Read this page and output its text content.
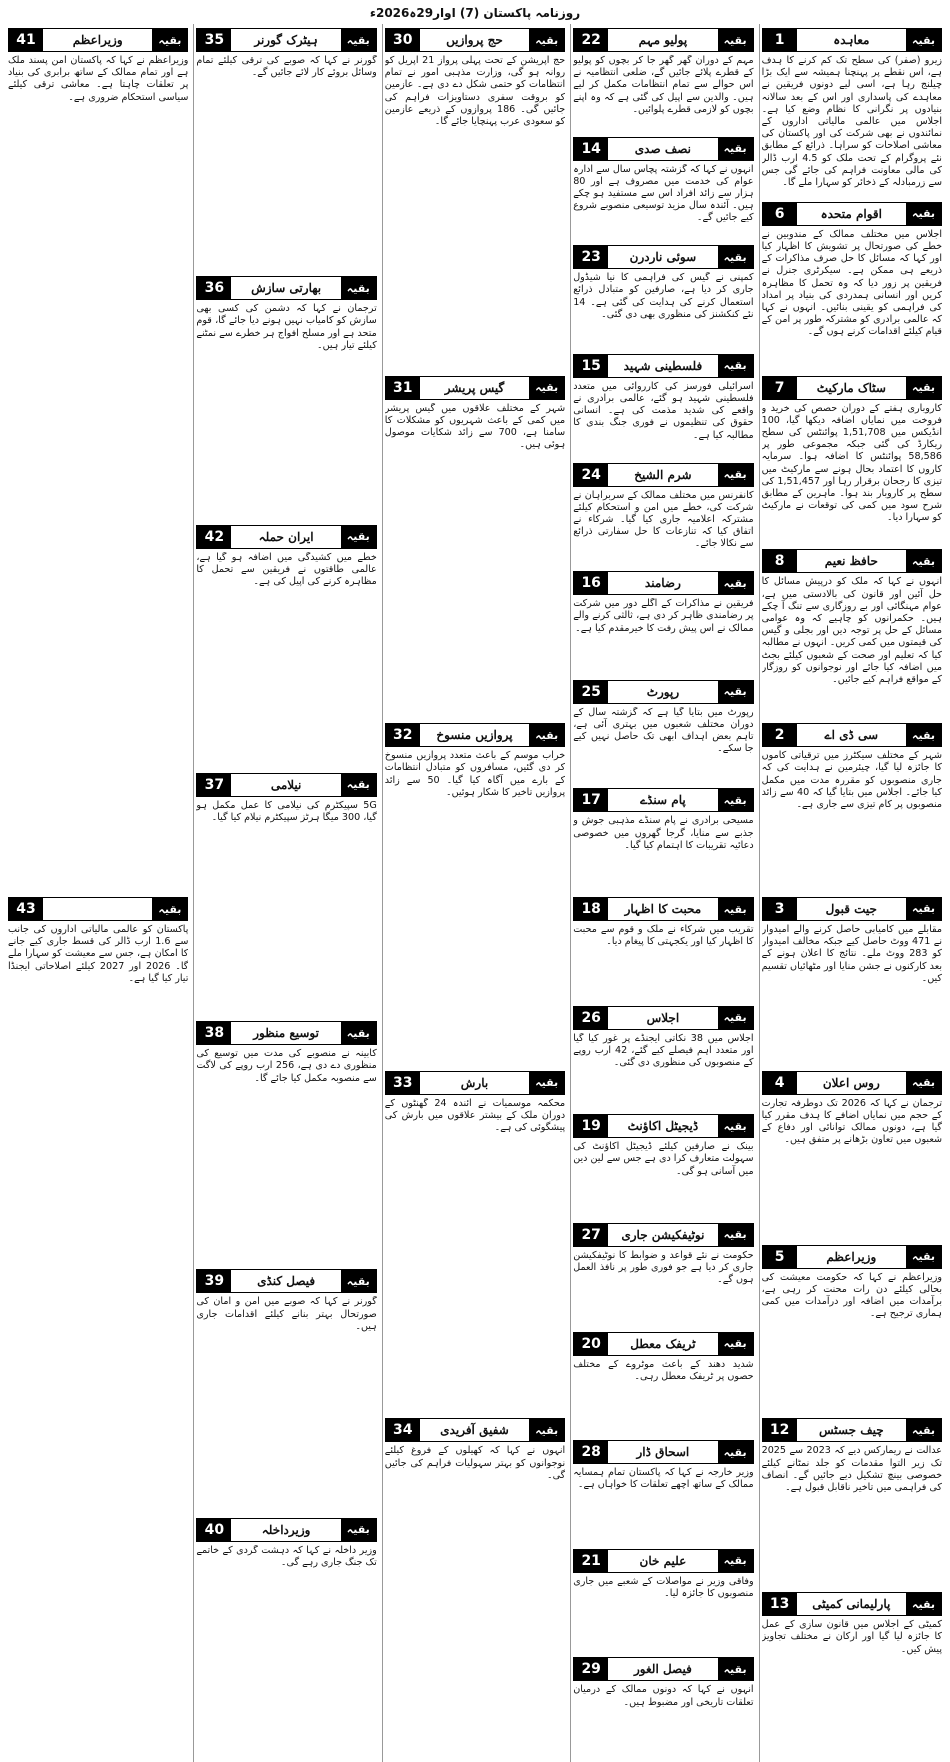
روزنامہ پاکستان (7) اوار29ہ2026ء
بقیہ
معاہدہ
1
زیرو (صفر) کی سطح تک کم کرنے کا ہدف ہے، اس نقطے پر پہنچنا ہمیشہ سے ایک بڑا چیلنج رہا ہے، اسی لیے دونوں فریقین نے معاہدے کی پاسداری اور اس کے بعد سالانہ بنیادوں پر نگرانی کا نظام وضع کیا ہے۔ اجلاس میں عالمی مالیاتی اداروں کے نمائندوں نے بھی شرکت کی اور پاکستان کی معاشی اصلاحات کو سراہا۔ ذرائع کے مطابق نئے پروگرام کے تحت ملک کو 4.5 ارب ڈالر کی مالی معاونت فراہم کی جائے گی جس سے زرمبادلہ کے ذخائر کو سہارا ملے گا۔
بقیہ
اقوام متحدہ
6
اجلاس میں مختلف ممالک کے مندوبین نے خطے کی صورتحال پر تشویش کا اظہار کیا اور کہا کہ مسائل کا حل صرف مذاکرات کے ذریعے ہی ممکن ہے۔ سیکرٹری جنرل نے فریقین پر زور دیا کہ وہ تحمل کا مظاہرہ کریں اور انسانی ہمدردی کی بنیاد پر امداد کی فراہمی کو یقینی بنائیں۔ انہوں نے کہا کہ عالمی برادری کو مشترکہ طور پر امن کے قیام کیلئے اقدامات کرنے ہوں گے۔
بقیہ
سٹاک مارکیٹ
7
کاروباری ہفتے کے دوران حصص کی خرید و فروخت میں نمایاں اضافہ دیکھا گیا، 100 انڈیکس میں 1,51,708 پوائنٹس کی سطح ریکارڈ کی گئی جبکہ مجموعی طور پر 58,586 پوائنٹس کا اضافہ ہوا۔ سرمایہ کاروں کا اعتماد بحال ہونے سے مارکیٹ میں تیزی کا رجحان برقرار رہا اور 1,51,457 کی سطح پر کاروبار بند ہوا۔ ماہرین کے مطابق شرح سود میں کمی کی توقعات نے مارکیٹ کو سہارا دیا۔
بقیہ
حافظ نعیم
8
انہوں نے کہا کہ ملک کو درپیش مسائل کا حل آئین اور قانون کی بالادستی میں ہے، عوام مہنگائی اور بے روزگاری سے تنگ آ چکے ہیں۔ حکمرانوں کو چاہیے کہ وہ عوامی مسائل کے حل پر توجہ دیں اور بجلی و گیس کی قیمتوں میں کمی کریں۔ انہوں نے مطالبہ کیا کہ تعلیم اور صحت کے شعبوں کیلئے بجٹ میں اضافہ کیا جائے اور نوجوانوں کو روزگار کے مواقع فراہم کیے جائیں۔
بقیہ
سی ڈی اے
2
شہر کے مختلف سیکٹرز میں ترقیاتی کاموں کا جائزہ لیا گیا، چیئرمین نے ہدایت کی کہ جاری منصوبوں کو مقررہ مدت میں مکمل کیا جائے۔ اجلاس میں بتایا گیا کہ 40 سے زائد منصوبوں پر کام تیزی سے جاری ہے۔
بقیہ
جیت قبول
3
مقابلے میں کامیابی حاصل کرنے والے امیدوار نے 471 ووٹ حاصل کیے جبکہ مخالف امیدوار کو 283 ووٹ ملے۔ نتائج کا اعلان ہونے کے بعد کارکنوں نے جشن منایا اور مٹھائیاں تقسیم کیں۔
بقیہ
روس اعلان
4
ترجمان نے کہا کہ 2026 تک دوطرفہ تجارت کے حجم میں نمایاں اضافے کا ہدف مقرر کیا گیا ہے، دونوں ممالک توانائی اور دفاع کے شعبوں میں تعاون بڑھانے پر متفق ہیں۔
بقیہ
وزیراعظم
5
وزیراعظم نے کہا کہ حکومت معیشت کی بحالی کیلئے دن رات محنت کر رہی ہے، برآمدات میں اضافہ اور درآمدات میں کمی ہماری ترجیح ہے۔
بقیہ
چیف جسٹس
12
عدالت نے ریمارکس دیے کہ 2023 سے 2025 تک زیر التوا مقدمات کو جلد نمٹانے کیلئے خصوصی بینچ تشکیل دیے جائیں گے۔ انصاف کی فراہمی میں تاخیر ناقابل قبول ہے۔
بقیہ
پارلیمانی کمیٹی
13
کمیٹی کے اجلاس میں قانون سازی کے عمل کا جائزہ لیا گیا اور ارکان نے مختلف تجاویز پیش کیں۔
بقیہ
پولیو مہم
22
مہم کے دوران گھر گھر جا کر بچوں کو پولیو کے قطرے پلائے جائیں گے، ضلعی انتظامیہ نے اس حوالے سے تمام انتظامات مکمل کر لیے ہیں۔ والدین سے اپیل کی گئی ہے کہ وہ اپنے بچوں کو لازمی قطرے پلوائیں۔
بقیہ
نصف صدی
14
انہوں نے کہا کہ گزشتہ پچاس سال سے ادارہ عوام کی خدمت میں مصروف ہے اور 80 ہزار سے زائد افراد اس سے مستفید ہو چکے ہیں۔ آئندہ سال مزید توسیعی منصوبے شروع کیے جائیں گے۔
بقیہ
سوئی ناردرن
23
کمپنی نے گیس کی فراہمی کا نیا شیڈول جاری کر دیا ہے، صارفین کو متبادل ذرائع استعمال کرنے کی ہدایت کی گئی ہے۔ 14 نئے کنکشنز کی منظوری بھی دی گئی۔
بقیہ
فلسطینی شہید
15
اسرائیلی فورسز کی کارروائی میں متعدد فلسطینی شہید ہو گئے، عالمی برادری نے واقعے کی شدید مذمت کی ہے۔ انسانی حقوق کی تنظیموں نے فوری جنگ بندی کا مطالبہ کیا ہے۔
بقیہ
شرم الشیخ
24
کانفرنس میں مختلف ممالک کے سربراہان نے شرکت کی، خطے میں امن و استحکام کیلئے مشترکہ اعلامیہ جاری کیا گیا۔ شرکاء نے اتفاق کیا کہ تنازعات کا حل سفارتی ذرائع سے نکالا جائے۔
بقیہ
رضامند
16
فریقین نے مذاکرات کے اگلے دور میں شرکت پر رضامندی ظاہر کر دی ہے، ثالثی کرنے والے ممالک نے اس پیش رفت کا خیرمقدم کیا ہے۔
بقیہ
رپورٹ
25
رپورٹ میں بتایا گیا ہے کہ گزشتہ سال کے دوران مختلف شعبوں میں بہتری آئی ہے، تاہم بعض اہداف ابھی تک حاصل نہیں کیے جا سکے۔
بقیہ
پام سنڈے
17
مسیحی برادری نے پام سنڈے مذہبی جوش و جذبے سے منایا، گرجا گھروں میں خصوصی دعائیہ تقریبات کا اہتمام کیا گیا۔
بقیہ
محبت کا اظہار
18
تقریب میں شرکاء نے ملک و قوم سے محبت کا اظہار کیا اور یکجہتی کا پیغام دیا۔
بقیہ
اجلاس
26
اجلاس میں 38 نکاتی ایجنڈے پر غور کیا گیا اور متعدد اہم فیصلے کیے گئے، 42 ارب روپے کے منصوبوں کی منظوری دی گئی۔
بقیہ
ڈیجیٹل اکاؤنٹ
19
بینک نے صارفین کیلئے ڈیجیٹل اکاؤنٹ کی سہولت متعارف کرا دی ہے جس سے لین دین میں آسانی ہو گی۔
بقیہ
نوٹیفکیشن جاری
27
حکومت نے نئے قواعد و ضوابط کا نوٹیفکیشن جاری کر دیا ہے جو فوری طور پر نافذ العمل ہوں گے۔
بقیہ
ٹریفک معطل
20
شدید دھند کے باعث موٹروے کے مختلف حصوں پر ٹریفک معطل رہی۔
بقیہ
اسحاق ڈار
28
وزیر خارجہ نے کہا کہ پاکستان تمام ہمسایہ ممالک کے ساتھ اچھے تعلقات کا خواہاں ہے۔
بقیہ
علیم خان
21
وفاقی وزیر نے مواصلات کے شعبے میں جاری منصوبوں کا جائزہ لیا۔
بقیہ
فیصل الغور
29
انہوں نے کہا کہ دونوں ممالک کے درمیان تعلقات تاریخی اور مضبوط ہیں۔
بقیہ
حج پروازیں
30
حج آپریشن کے تحت پہلی پرواز 21 اپریل کو روانہ ہو گی، وزارت مذہبی امور نے تمام انتظامات کو حتمی شکل دے دی ہے۔ عازمین کو بروقت سفری دستاویزات فراہم کی جائیں گی۔ 186 پروازوں کے ذریعے عازمین کو سعودی عرب پہنچایا جائے گا۔
بقیہ
گیس پریشر
31
شہر کے مختلف علاقوں میں گیس پریشر میں کمی کے باعث شہریوں کو مشکلات کا سامنا ہے، 700 سے زائد شکایات موصول ہوئی ہیں۔
بقیہ
پروازیں منسوخ
32
خراب موسم کے باعث متعدد پروازیں منسوخ کر دی گئیں، مسافروں کو متبادل انتظامات کے بارے میں آگاہ کیا گیا۔ 50 سے زائد پروازیں تاخیر کا شکار ہوئیں۔
بقیہ
بارش
33
محکمہ موسمیات نے آئندہ 24 گھنٹوں کے دوران ملک کے بیشتر علاقوں میں بارش کی پیشگوئی کی ہے۔
بقیہ
شفیق آفریدی
34
انہوں نے کہا کہ کھیلوں کے فروغ کیلئے نوجوانوں کو بہتر سہولیات فراہم کی جائیں گی۔
بقیہ
ہیٹرک گورنر
35
گورنر نے کہا کہ صوبے کی ترقی کیلئے تمام وسائل بروئے کار لائے جائیں گے۔
بقیہ
بھارتی سازش
36
ترجمان نے کہا کہ دشمن کی کسی بھی سازش کو کامیاب نہیں ہونے دیا جائے گا، قوم متحد ہے اور مسلح افواج ہر خطرے سے نمٹنے کیلئے تیار ہیں۔
بقیہ
ایران حملہ
42
خطے میں کشیدگی میں اضافہ ہو گیا ہے، عالمی طاقتوں نے فریقین سے تحمل کا مظاہرہ کرنے کی اپیل کی ہے۔
بقیہ
نیلامی
37
5G سپیکٹرم کی نیلامی کا عمل مکمل ہو گیا، 300 میگا ہرٹز سپیکٹرم نیلام کیا گیا۔
بقیہ
توسیع منظور
38
کابینہ نے منصوبے کی مدت میں توسیع کی منظوری دے دی ہے، 256 ارب روپے کی لاگت سے منصوبہ مکمل کیا جائے گا۔
بقیہ
فیصل کنڈی
39
گورنر نے کہا کہ صوبے میں امن و امان کی صورتحال بہتر بنانے کیلئے اقدامات جاری ہیں۔
بقیہ
وزیرداخلہ
40
وزیر داخلہ نے کہا کہ دہشت گردی کے خاتمے تک جنگ جاری رہے گی۔
بقیہ
وزیراعظم
41
وزیراعظم نے کہا کہ پاکستان امن پسند ملک ہے اور تمام ممالک کے ساتھ برابری کی بنیاد پر تعلقات چاہتا ہے۔ معاشی ترقی کیلئے سیاسی استحکام ضروری ہے۔
بقیہ
43
پاکستان کو عالمی مالیاتی اداروں کی جانب سے 1.6 ارب ڈالر کی قسط جاری کیے جانے کا امکان ہے، جس سے معیشت کو سہارا ملے گا۔ 2026 اور 2027 کیلئے اصلاحاتی ایجنڈا تیار کیا گیا ہے۔
